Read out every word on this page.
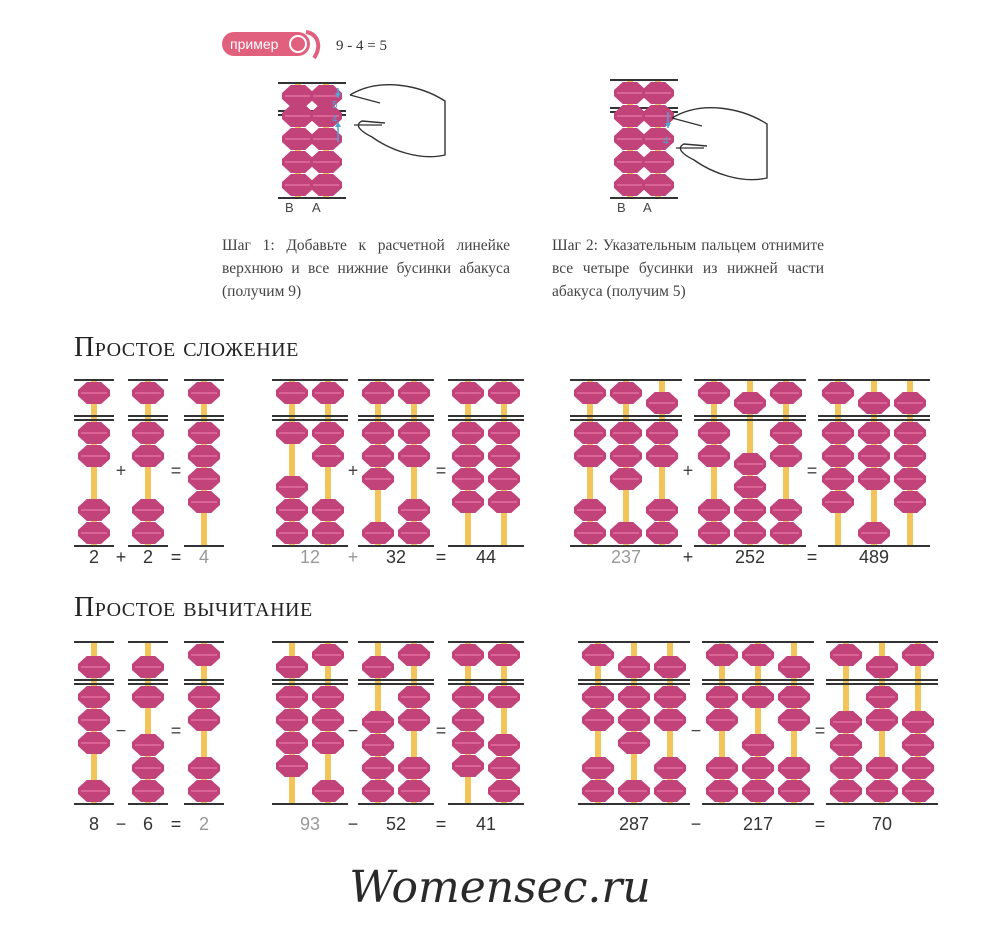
5
4
4
пример	9 - 4 = 5
B A	B A
Шаг 1: Добавьте к расчетной линейке верхнюю и все нижние бусинки абакуса (получим 9)
Шаг 2: Указательным пальцем отнимите все четыре бусинки из нижней части абакуса (получим 5)
Простое сложение
Простое вычитание
+ =
2 + 2 = 4
+	=
12 + 32 = 44
+	=
237 + 252 = 489
− =
8 − 6 = 2
−	=
93 − 52 = 41
−	=
287 − 217 =	70
Womensec.ru
